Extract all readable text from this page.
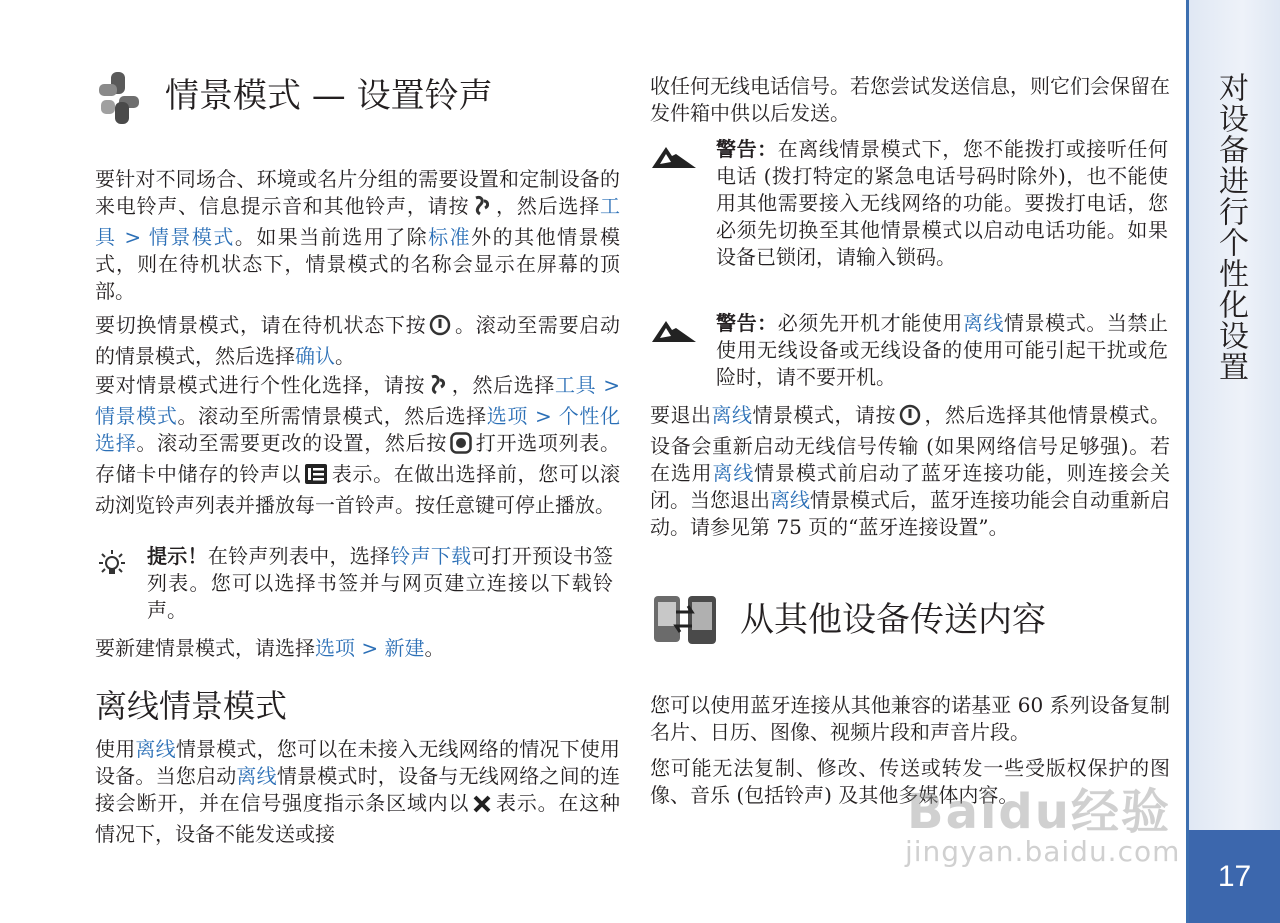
情景模式 — 设置铃声

要针对不同场合、环境或名片分组的需要设置和定制设备的来电铃声、信息提示音和其他铃声，请按 ，然后选择工具 > 情景模式。如果当前选用了除标准外的其他情景模式，则在待机状态下，情景模式的名称会显示在屏幕的顶部。

要切换情景模式，请在待机状态下按 。滚动至需要启动的情景模式，然后选择确认。

要对情景模式进行个性化选择，请按 ，然后选择工具 > 情景模式。滚动至所需情景模式，然后选择选项 > 个性化选择。滚动至需要更改的设置，然后按 打开选项列表。存储卡中储存的铃声以 表示。在做出选择前，您可以滚动浏览铃声列表并播放每一首铃声。按任意键可停止播放。

提示！在铃声列表中，选择铃声下载可打开预设书签列表。您可以选择书签并与网页建立连接以下载铃声。

要新建情景模式，请选择选项 > 新建。

离线情景模式

使用离线情景模式，您可以在未接入无线网络的情况下使用设备。当您启动离线情景模式时，设备与无线网络之间的连接会断开，并在信号强度指示条区域内以 表示。在这种情况下，设备不能发送或接

收任何无线电话信号。若您尝试发送信息，则它们会保留在发件箱中供以后发送。

警告：在离线情景模式下，您不能拨打或接听任何电话 (拨打特定的紧急电话号码时除外)，也不能使用其他需要接入无线网络的功能。要拨打电话，您必须先切换至其他情景模式以启动电话功能。如果设备已锁闭，请输入锁码。

警告：必须先开机才能使用离线情景模式。当禁止使用无线设备或无线设备的使用可能引起干扰或危险时，请不要开机。

要退出离线情景模式，请按 ，然后选择其他情景模式。设备会重新启动无线信号传输 (如果网络信号足够强)。若在选用离线情景模式前启动了蓝牙连接功能，则连接会关闭。当您退出离线情景模式后，蓝牙连接功能会自动重新启动。请参见第 75 页的“蓝牙连接设置”。

从其他设备传送内容

您可以使用蓝牙连接从其他兼容的诺基亚 60 系列设备复制名片、日历、图像、视频片段和声音片段。

您可能无法复制、修改、传送或转发一些受版权保护的图像、音乐 (包括铃声) 及其他多媒体内容。

对设备进行个性化设置
17
Baidu经验
jingyan.baidu.com
